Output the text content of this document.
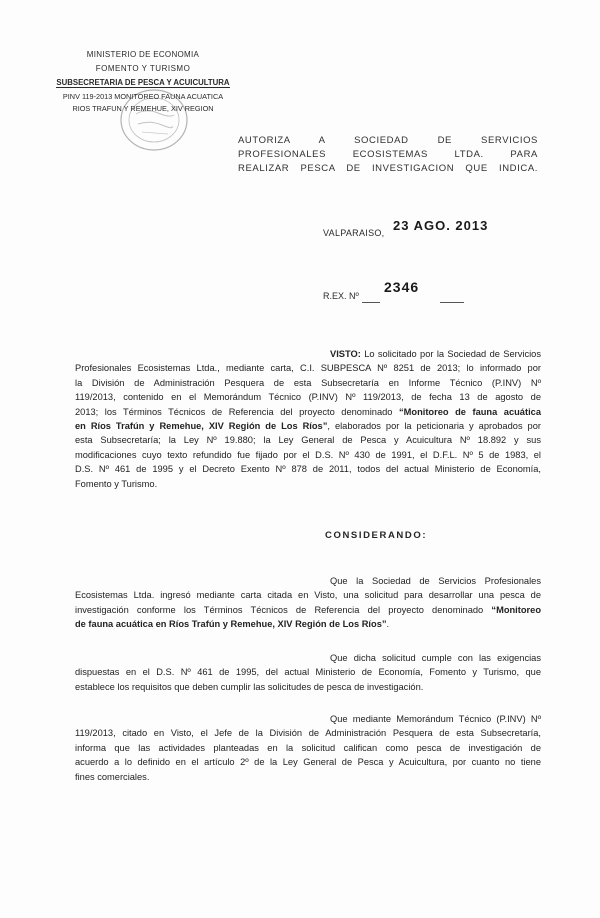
MINISTERIO DE ECONOMIA
FOMENTO Y TURISMO
SUBSECRETARIA DE PESCA Y ACUICULTURA
PINV 119-2013 MONITOREO FAUNA ACUATICA
RIOS TRAFUN Y REMEHUE, XIV REGION
AUTORIZA A SOCIEDAD DE SERVICIOS
PROFESIONALES ECOSISTEMAS LTDA. PARA
REALIZAR PESCA DE INVESTIGACION QUE INDICA.
VALPARAISO, 23 AGO. 2013
R.EX. Nº
2346
VISTO: Lo solicitado por la Sociedad de Servicios
Profesionales Ecosistemas Ltda., mediante carta, C.I. SUBPESCA Nº 8251 de 2013; lo informado por
la División de Administración Pesquera de esta Subsecretaría en Informe Técnico (P.INV) Nº
119/2013, contenido en el Memorándum Técnico (P.INV) Nº 119/2013, de fecha 13 de agosto de
2013; los Términos Técnicos de Referencia del proyecto denominado “Monitoreo de fauna acuática
en Ríos Trafún y Remehue, XIV Región de Los Ríos”, elaborados por la peticionaria y aprobados por
esta Subsecretaría; la Ley Nº 19.880; la Ley General de Pesca y Acuicultura Nº 18.892 y sus
modificaciones cuyo texto refundido fue fijado por el D.S. Nº 430 de 1991, el D.F.L. Nº 5 de 1983, el
D.S. Nº 461 de 1995 y el Decreto Exento Nº 878 de 2011, todos del actual Ministerio de Economía,
Fomento y Turismo.
CONSIDERANDO:
Que la Sociedad de Servicios Profesionales
Ecosistemas Ltda. ingresó mediante carta citada en Visto, una solicitud para desarrollar una pesca de
investigación conforme los Términos Técnicos de Referencia del proyecto denominado “Monitoreo
de fauna acuática en Ríos Trafún y Remehue, XIV Región de Los Ríos”.
Que dicha solicitud cumple con las exigencias
dispuestas en el D.S. Nº 461 de 1995, del actual Ministerio de Economía, Fomento y Turismo, que
establece los requisitos que deben cumplir las solicitudes de pesca de investigación.
Que mediante Memorándum Técnico (P.INV) Nº
119/2013, citado en Visto, el Jefe de la División de Administración Pesquera de esta Subsecretaría,
informa que las actividades planteadas en la solicitud califican como pesca de investigación de
acuerdo a lo definido en el artículo 2º de la Ley General de Pesca y Acuicultura, por cuanto no tiene
fines comerciales.
